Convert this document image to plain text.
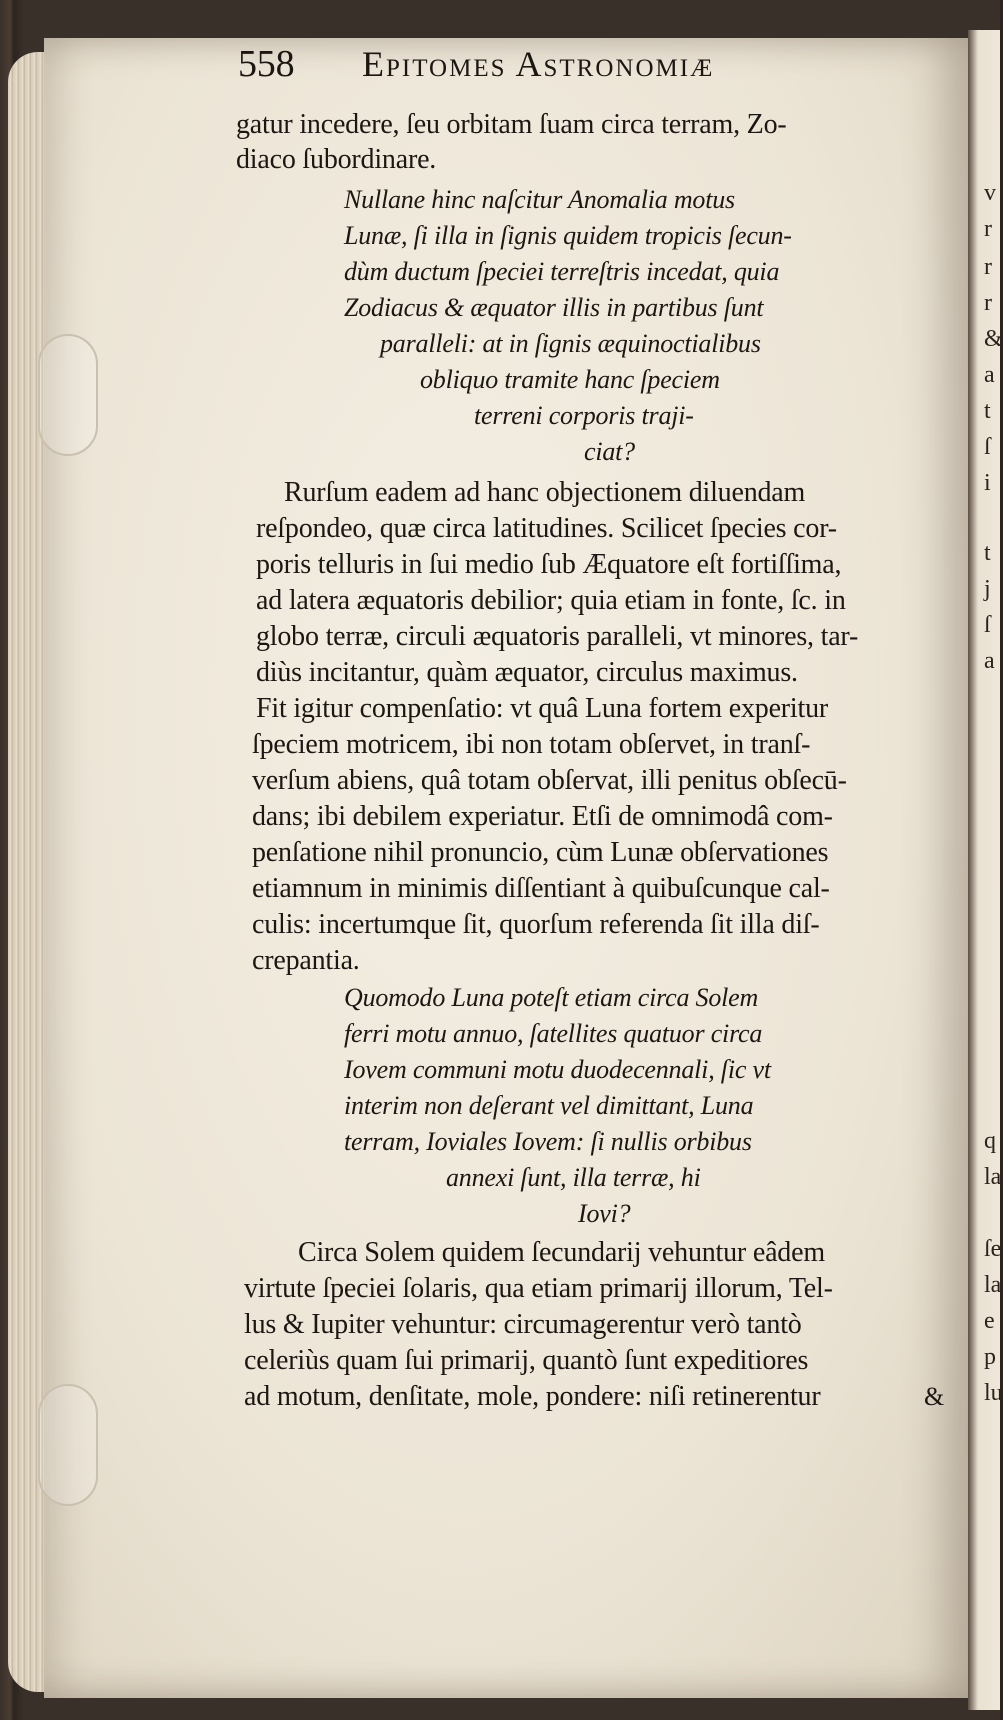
558 Epitomes Astronomiæ

gatur incedere, ſeu orbitam ſuam circa terram, Zo-

diaco ſubordinare.

Nullane hinc naſcitur Anomalia motus

Lunæ, ſi illa in ſignis quidem tropicis ſecun-

dùm ductum ſpeciei terreſtris incedat, quia

Zodiacus & æquator illis in partibus ſunt

paralleli: at in ſignis æquinoctialibus

obliquo tramite hanc ſpeciem

terreni corporis traji-

ciat?

Rurſum eadem ad hanc objectionem diluendam

reſpondeo, quæ circa latitudines. Scilicet ſpecies cor-

poris telluris in ſui medio ſub Æquatore eſt fortiſſima,

ad latera æquatoris debilior; quia etiam in fonte, ſc. in

globo terræ, circuli æquatoris paralleli, vt minores, tar-

diùs incitantur, quàm æquator, circulus maximus.

Fit igitur compenſatio: vt quâ Luna fortem experitur

ſpeciem motricem, ibi non totam obſervet, in tranſ-

verſum abiens, quâ totam obſervat, illi penitus obſecū-

dans; ibi debilem experiatur. Etſi de omnimodâ com-

penſatione nihil pronuncio, cùm Lunæ obſervationes

etiamnum in minimis diſſentiant à quibuſcunque cal-

culis: incertumque ſit, quorſum referenda ſit illa diſ-

crepantia.

Quomodo Luna poteſt etiam circa Solem

ferri motu annuo, ſatellites quatuor circa

Iovem communi motu duodecennali, ſic vt

interim non deſerant vel dimittant, Luna

terram, Ioviales Iovem: ſi nullis orbibus

annexi ſunt, illa terræ, hi

Iovi?

Circa Solem quidem ſecundarij vehuntur eâdem

virtute ſpeciei ſolaris, qua etiam primarij illorum, Tel-

lus & Iupiter vehuntur: circumagerentur verò tantò

celeriùs quam ſui primarij, quantò ſunt expeditiores

ad motum, denſitate, mole, pondere: niſi retinerentur	&

v
r
r
r
&
a
t
ſ
i
t
j
ſ
a
q
la
ſe
la
e
p
lu
